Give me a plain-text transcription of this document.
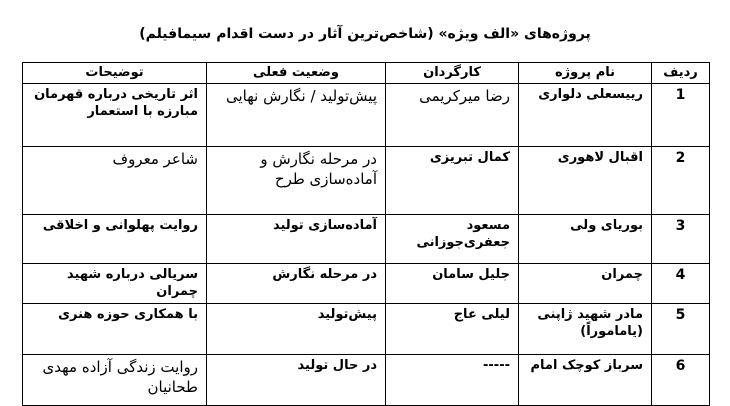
پروژه‌های «الف ویژه» (شاخص‌ترین آثار در دست اقدام سیمافیلم)
ردیف	نام پروژه	کارگردان	وضعیت فعلی	توضیحات
1	رییسعلی دلواری	رضا میرکریمی	پیش‌تولید / نگارش نهایی	اثر تاریخی درباره قهرمان مبارزه با استعمار
2	اقبال لاهوری	کمال تبریزی	در مرحله نگارش و آماده‌سازی طرح	شاعر معروف
3	بوریای ولی	مسعود جعفری‌جوزانی	آماده‌سازی تولید	روایت پهلوانی و اخلاقی
4	چمران	جلیل سامان	در مرحله نگارش	سریالی درباره شهید چمران
5	مادر شهید ژاپنی (یاماموراً)	لیلی عاج	پیش‌تولید	با همکاری حوزه هنری
6	سرباز کوچک امام	-----	در حال تولید	روایت زندگی آزاده مهدی طحانیان
